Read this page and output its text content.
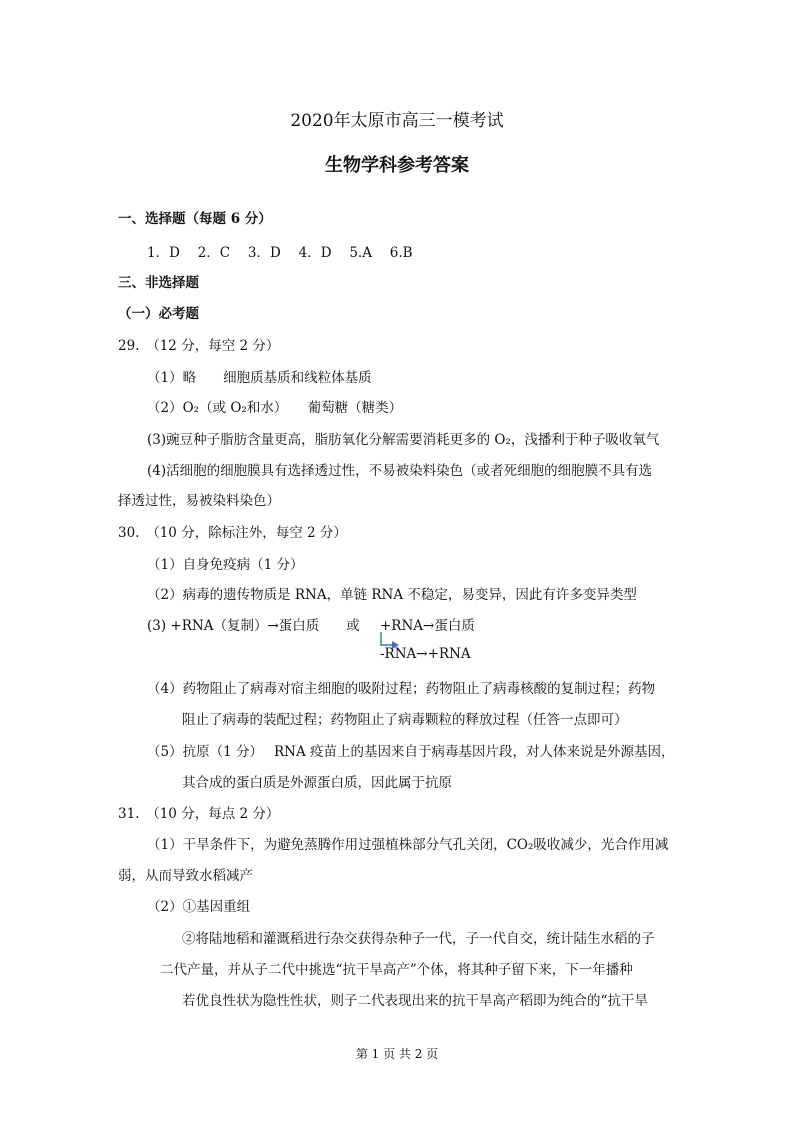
2020年太原市高三一模考试
生物学科参考答案
一、选择题（每题 6 分）
1．D　 2．C　 3．D　 4．D　 5.A　 6.B
三、非选择题
（一）必考题
29.　（12 分，每空 2 分）
（1）略　　细胞质基质和线粒体基质
（2）O₂（或 O₂和水）　　葡萄糖（糖类）
(3)豌豆种子脂肪含量更高，脂肪氧化分解需要消耗更多的 O₂，浅播利于种子吸收氧气
(4)活细胞的细胞膜具有选择透过性，不易被染料染色（或者死细胞的细胞膜不具有选
择透过性，易被染料染色）
30.　（10 分，除标注外，每空 2 分）
（1）自身免疫病（1 分）
（2）病毒的遗传物质是 RNA，单链 RNA 不稳定，易变异，因此有许多变异类型
(3) +RNA（复制）→蛋白质　　或 +RNA→蛋白质
-RNA→+RNA
（4）药物阻止了病毒对宿主细胞的吸附过程；药物阻止了病毒核酸的复制过程；药物
阻止了病毒的装配过程；药物阻止了病毒颗粒的释放过程（任答一点即可）
（5）抗原（1 分）　 RNA 疫苗上的基因来自于病毒基因片段，对人体来说是外源基因，
其合成的蛋白质是外源蛋白质，因此属于抗原
31.　（10 分，每点 2 分）
（1）干旱条件下，为避免蒸腾作用过强植株部分气孔关闭，CO₂吸收减少，光合作用减
弱，从而导致水稻减产
（2）①基因重组
②将陆地稻和灌溉稻进行杂交获得杂种子一代，子一代自交，统计陆生水稻的子
二代产量，并从子二代中挑选“抗干旱高产”个体，将其种子留下来，下一年播种
若优良性状为隐性性状，则子二代表现出来的抗干旱高产稻即为纯合的“抗干旱
第 1 页 共 2 页
